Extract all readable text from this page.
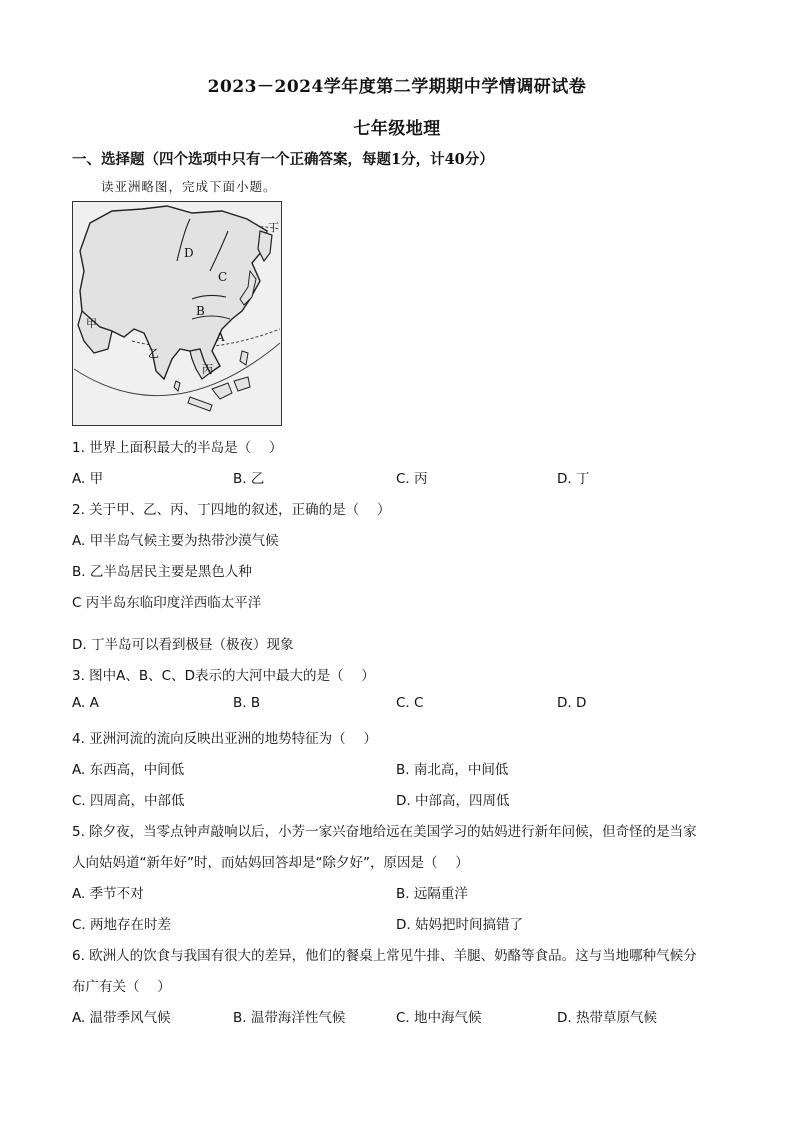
2023－2024学年度第二学期期中学情调研试卷
七年级地理
一、选择题（四个选项中只有一个正确答案，每题1分，计40分）
读亚洲略图，完成下面小题。
D
C
B
A
甲
乙
丙
丁
1. 世界上面积最大的半岛是（　 ）
A. 甲	B. 乙	C. 丙	D. 丁
2. 关于甲、乙、丙、丁四地的叙述，正确的是（　 ）
A. 甲半岛气候主要为热带沙漠气候
B. 乙半岛居民主要是黑色人种
C 丙半岛东临印度洋西临太平洋
D. 丁半岛可以看到极昼（极夜）现象
3. 图中A、B、C、D表示的大河中最大的是（　 ）
A. A	B. B	C. C	D. D
4. 亚洲河流的流向反映出亚洲的地势特征为（　 ）
A. 东西高，中间低	B. 南北高，中间低
C. 四周高，中部低	D. 中部高，四周低
5. 除夕夜，当零点钟声敲响以后，小芳一家兴奋地给远在美国学习的姑妈进行新年问候，但奇怪的是当家
人向姑妈道“新年好”时，而姑妈回答却是“除夕好”，原因是（　 ）
A. 季节不对	B. 远隔重洋
C. 两地存在时差	D. 姑妈把时间搞错了
6. 欧洲人的饮食与我国有很大的差异，他们的餐桌上常见牛排、羊腿、奶酪等食品。这与当地哪种气候分
布广有关（　 ）
A. 温带季风气候	B. 温带海洋性气候	C. 地中海气候	D. 热带草原气候
